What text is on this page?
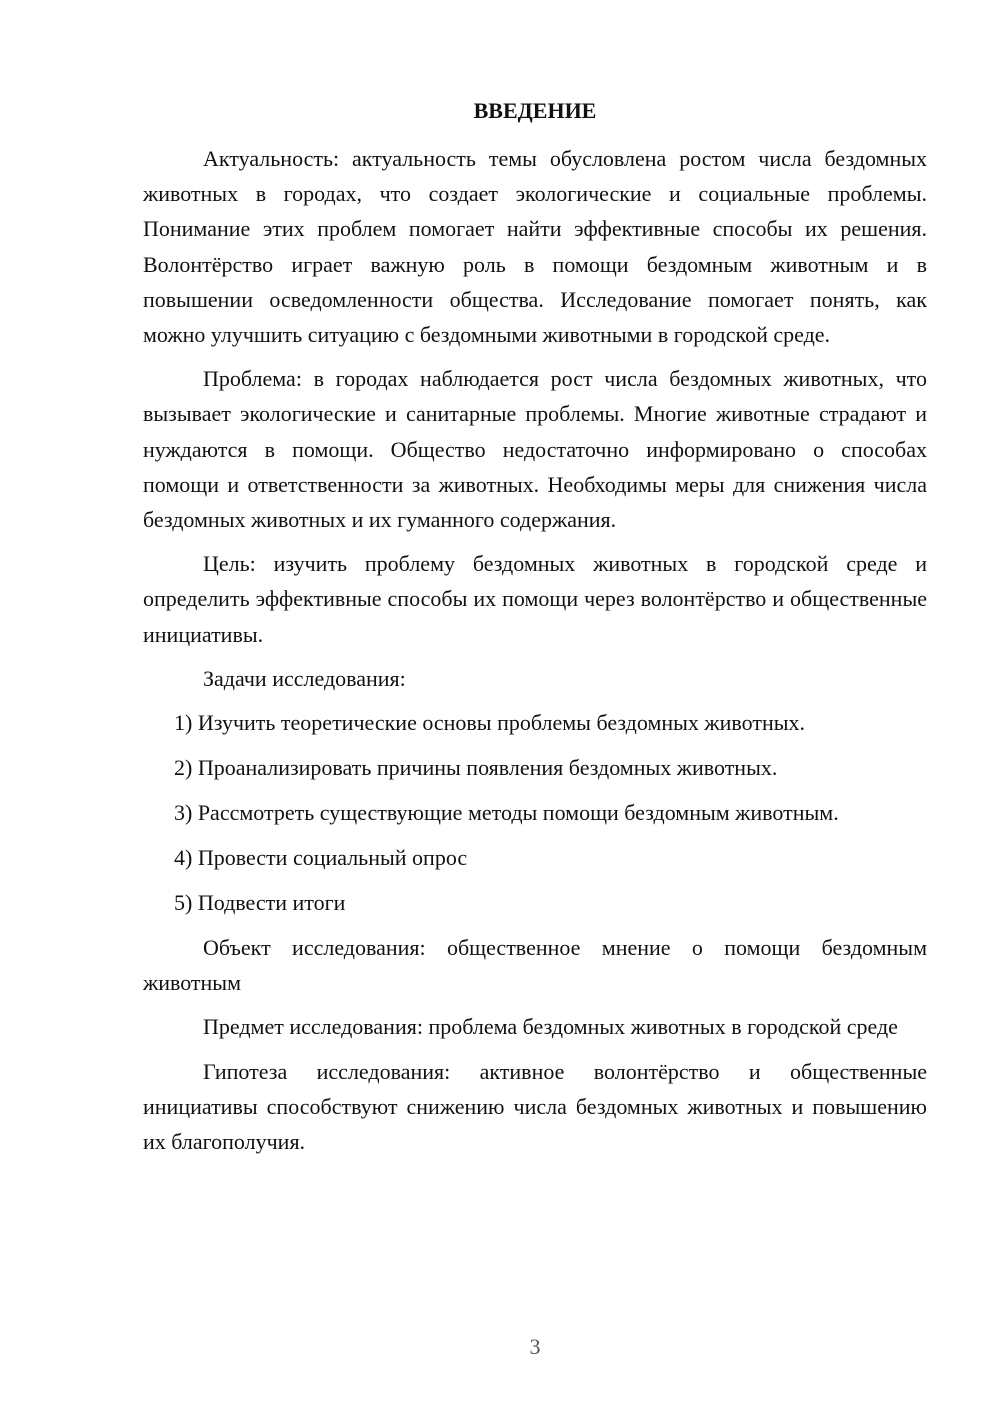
ВВЕДЕНИЕ

Актуальность: актуальность темы обусловлена ростом числа бездомных животных в городах, что создает экологические и социальные проблемы. Понимание этих проблем помогает найти эффективные способы их решения. Волонтёрство играет важную роль в помощи бездомным животным и в повышении осведомленности общества. Исследование помогает понять, как можно улучшить ситуацию с бездомными животными в городской среде.

Проблема: в городах наблюдается рост числа бездомных животных, что вызывает экологические и санитарные проблемы. Многие животные страдают и нуждаются в помощи. Общество недостаточно информировано о способах помощи и ответственности за животных. Необходимы меры для снижения числа бездомных животных и их гуманного содержания.

Цель: изучить проблему бездомных животных в городской среде и определить эффективные способы их помощи через волонтёрство и общественные инициативы.

Задачи исследования:

1) Изучить теоретические основы проблемы бездомных животных.
2) Проанализировать причины появления бездомных животных.
3) Рассмотреть существующие методы помощи бездомным животным.
4) Провести социальный опрос
5) Подвести итоги

Объект исследования: общественное мнение о помощи бездомным животным

Предмет исследования: проблема бездомных животных в городской среде

Гипотеза исследования: активное волонтёрство и общественные инициативы способствуют снижению числа бездомных животных и повышению их благополучия.

3
